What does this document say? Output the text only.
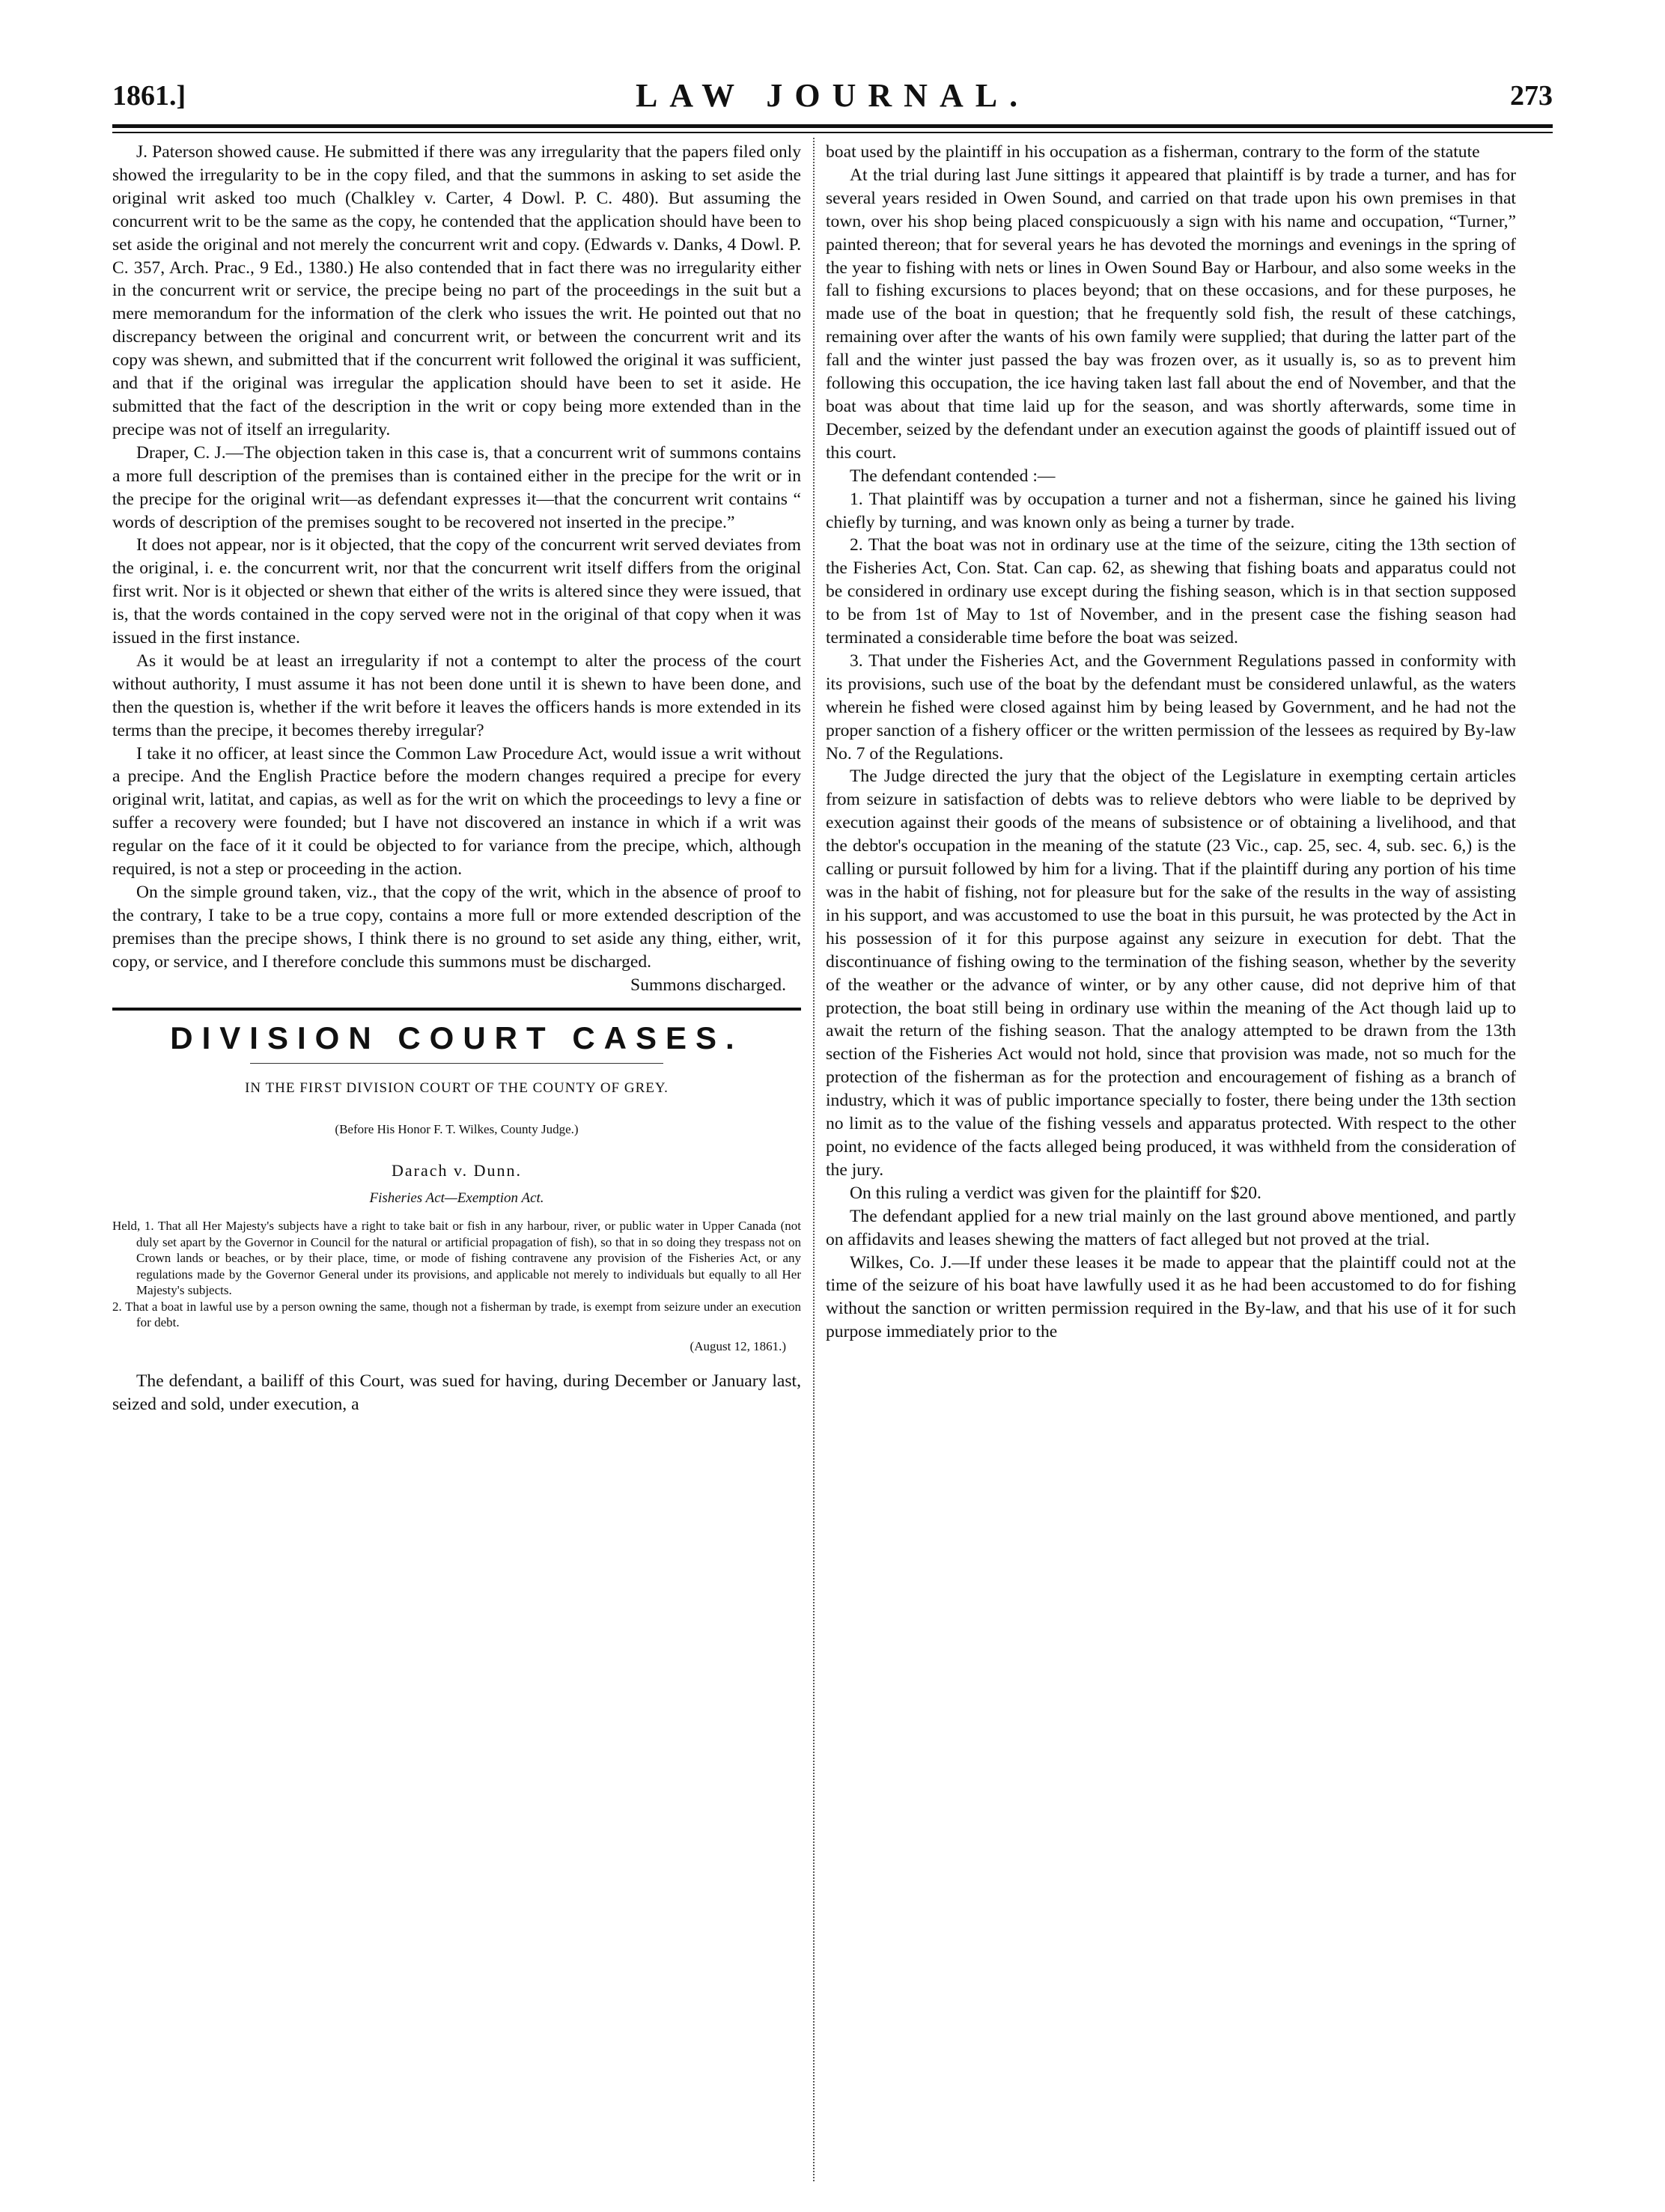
1861.]	LAW JOURNAL.	273

J. Paterson showed cause. He submitted if there was any irregularity that the papers filed only showed the irregularity to be in the copy filed, and that the summons in asking to set aside the original writ asked too much (Chalkley v. Carter, 4 Dowl. P. C. 480). But assuming the concurrent writ to be the same as the copy, he contended that the application should have been to set aside the original and not merely the concurrent writ and copy. (Edwards v. Danks, 4 Dowl. P. C. 357, Arch. Prac., 9 Ed., 1380.) He also contended that in fact there was no irregularity either in the concurrent writ or service, the precipe being no part of the proceedings in the suit but a mere memorandum for the information of the clerk who issues the writ. He pointed out that no discrepancy between the original and concurrent writ, or between the concurrent writ and its copy was shewn, and submitted that if the concurrent writ followed the original it was sufficient, and that if the original was irregular the application should have been to set it aside. He submitted that the fact of the description in the writ or copy being more extended than in the precipe was not of itself an irregularity.

Draper, C. J.—The objection taken in this case is, that a concurrent writ of summons contains a more full description of the premises than is contained either in the precipe for the writ or in the precipe for the original writ—as defendant expresses it—that the concurrent writ contains “ words of description of the premises sought to be recovered not inserted in the precipe.”

It does not appear, nor is it objected, that the copy of the concurrent writ served deviates from the original, i. e. the concurrent writ, nor that the concurrent writ itself differs from the original first writ. Nor is it objected or shewn that either of the writs is altered since they were issued, that is, that the words contained in the copy served were not in the original of that copy when it was issued in the first instance.

As it would be at least an irregularity if not a contempt to alter the process of the court without authority, I must assume it has not been done until it is shewn to have been done, and then the question is, whether if the writ before it leaves the officers hands is more extended in its terms than the precipe, it becomes thereby irregular?

I take it no officer, at least since the Common Law Procedure Act, would issue a writ without a precipe. And the English Practice before the modern changes required a precipe for every original writ, latitat, and capias, as well as for the writ on which the proceedings to levy a fine or suffer a recovery were founded; but I have not discovered an instance in which if a writ was regular on the face of it it could be objected to for variance from the precipe, which, although required, is not a step or proceeding in the action.

On the simple ground taken, viz., that the copy of the writ, which in the absence of proof to the contrary, I take to be a true copy, contains a more full or more extended description of the premises than the precipe shows, I think there is no ground to set aside any thing, either, writ, copy, or service, and I therefore conclude this summons must be discharged.

Summons discharged.

DIVISION COURT CASES.
IN THE FIRST DIVISION COURT OF THE COUNTY OF GREY.
(Before His Honor F. T. Wilkes, County Judge.)
Darach v. Dunn.
Fisheries Act—Exemption Act.

Held, 1. That all Her Majesty's subjects have a right to take bait or fish in any harbour, river, or public water in Upper Canada (not duly set apart by the Governor in Council for the natural or artificial propagation of fish), so that in so doing they trespass not on Crown lands or beaches, or by their place, time, or mode of fishing contravene any provision of the Fisheries Act, or any regulations made by the Governor General under its provisions, and applicable not merely to individuals but equally to all Her Majesty's subjects.

2. That a boat in lawful use by a person owning the same, though not a fisherman by trade, is exempt from seizure under an execution for debt.

(August 12, 1861.)

The defendant, a bailiff of this Court, was sued for having, during December or January last, seized and sold, under execution, a

boat used by the plaintiff in his occupation as a fisherman, contrary to the form of the statute

At the trial during last June sittings it appeared that plaintiff is by trade a turner, and has for several years resided in Owen Sound, and carried on that trade upon his own premises in that town, over his shop being placed conspicuously a sign with his name and occupation, “Turner,” painted thereon; that for several years he has devoted the mornings and evenings in the spring of the year to fishing with nets or lines in Owen Sound Bay or Harbour, and also some weeks in the fall to fishing excursions to places beyond; that on these occasions, and for these purposes, he made use of the boat in question; that he frequently sold fish, the result of these catchings, remaining over after the wants of his own family were supplied; that during the latter part of the fall and the winter just passed the bay was frozen over, as it usually is, so as to prevent him following this occupation, the ice having taken last fall about the end of November, and that the boat was about that time laid up for the season, and was shortly afterwards, some time in December, seized by the defendant under an execution against the goods of plaintiff issued out of this court.

The defendant contended :—

1. That plaintiff was by occupation a turner and not a fisherman, since he gained his living chiefly by turning, and was known only as being a turner by trade.

2. That the boat was not in ordinary use at the time of the seizure, citing the 13th section of the Fisheries Act, Con. Stat. Can cap. 62, as shewing that fishing boats and apparatus could not be considered in ordinary use except during the fishing season, which is in that section supposed to be from 1st of May to 1st of November, and in the present case the fishing season had terminated a considerable time before the boat was seized.

3. That under the Fisheries Act, and the Government Regulations passed in conformity with its provisions, such use of the boat by the defendant must be considered unlawful, as the waters wherein he fished were closed against him by being leased by Government, and he had not the proper sanction of a fishery officer or the written permission of the lessees as required by By-law No. 7 of the Regulations.

The Judge directed the jury that the object of the Legislature in exempting certain articles from seizure in satisfaction of debts was to relieve debtors who were liable to be deprived by execution against their goods of the means of subsistence or of obtaining a livelihood, and that the debtor's occupation in the meaning of the statute (23 Vic., cap. 25, sec. 4, sub. sec. 6,) is the calling or pursuit followed by him for a living. That if the plaintiff during any portion of his time was in the habit of fishing, not for pleasure but for the sake of the results in the way of assisting in his support, and was accustomed to use the boat in this pursuit, he was protected by the Act in his possession of it for this purpose against any seizure in execution for debt. That the discontinuance of fishing owing to the termination of the fishing season, whether by the severity of the weather or the advance of winter, or by any other cause, did not deprive him of that protection, the boat still being in ordinary use within the meaning of the Act though laid up to await the return of the fishing season. That the analogy attempted to be drawn from the 13th section of the Fisheries Act would not hold, since that provision was made, not so much for the protection of the fisherman as for the protection and encouragement of fishing as a branch of industry, which it was of public importance specially to foster, there being under the 13th section no limit as to the value of the fishing vessels and apparatus protected. With respect to the other point, no evidence of the facts alleged being produced, it was withheld from the consideration of the jury.

On this ruling a verdict was given for the plaintiff for $20.

The defendant applied for a new trial mainly on the last ground above mentioned, and partly on affidavits and leases shewing the matters of fact alleged but not proved at the trial.

Wilkes, Co. J.—If under these leases it be made to appear that the plaintiff could not at the time of the seizure of his boat have lawfully used it as he had been accustomed to do for fishing without the sanction or written permission required in the By-law, and that his use of it for such purpose immediately prior to the
